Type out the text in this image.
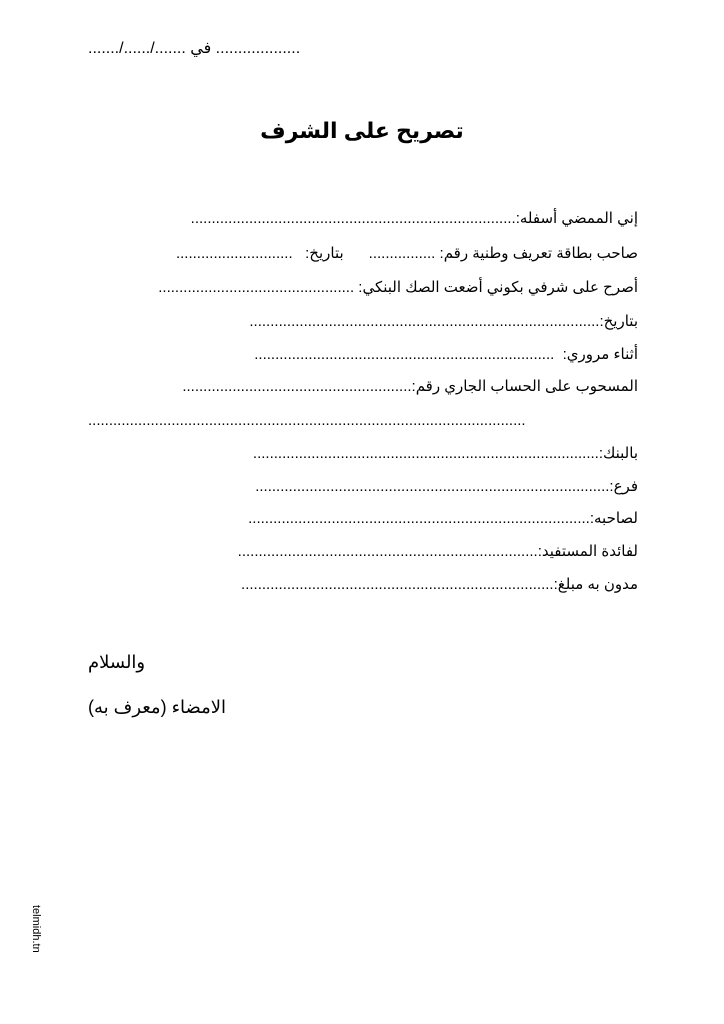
......./....../....... في ...................
تصريح على الشرف
إني الممضي أسفله:..............................................................................
صاحب بطاقة تعريف وطنية رقم: ................      بتاريخ:   ............................
أصرح على شرفي بكوني أضعت الصك البنكي: ...............................................
بتاريخ:....................................................................................
أثناء مروري:  ........................................................................
المسحوب على الحساب الجاري رقم:.......................................................
.........................................................................................................
بالبنك:...................................................................................
فرع:.....................................................................................
لصاحبه:..................................................................................
لفائدة المستفيد:........................................................................
مدون به مبلغ:...........................................................................
والسلام
الامضاء (معرف به)
telmidh.tn
